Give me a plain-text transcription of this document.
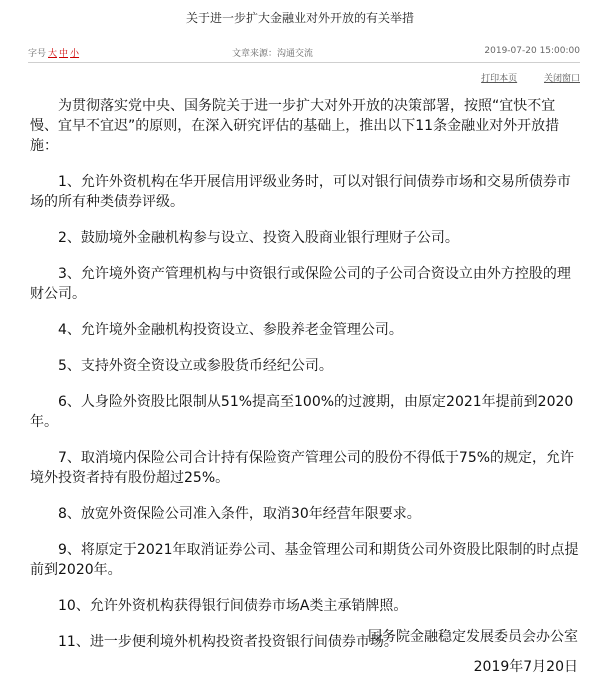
关于进一步扩大金融业对外开放的有关举措
字号 大 中 小	文章来源：沟通交流	2019-07-20 15:00:00
打印本页	关闭窗口

为贯彻落实党中央、国务院关于进一步扩大对外开放的决策部署，按照“宜快不宜慢、宜早不宜迟”的原则，在深入研究评估的基础上，推出以下11条金融业对外开放措施：

1、允许外资机构在华开展信用评级业务时，可以对银行间债券市场和交易所债券市场的所有种类债券评级。

2、鼓励境外金融机构参与设立、投资入股商业银行理财子公司。

3、允许境外资产管理机构与中资银行或保险公司的子公司合资设立由外方控股的理财公司。

4、允许境外金融机构投资设立、参股养老金管理公司。

5、支持外资全资设立或参股货币经纪公司。

6、人身险外资股比限制从51%提高至100%的过渡期，由原定2021年提前到2020年。

7、取消境内保险公司合计持有保险资产管理公司的股份不得低于75%的规定，允许境外投资者持有股份超过25%。

8、放宽外资保险公司准入条件，取消30年经营年限要求。

9、将原定于2021年取消证券公司、基金管理公司和期货公司外资股比限制的时点提前到2020年。

10、允许外资机构获得银行间债券市场A类主承销牌照。

11、进一步便利境外机构投资者投资银行间债券市场。

国务院金融稳定发展委员会办公室
2019年7月20日
